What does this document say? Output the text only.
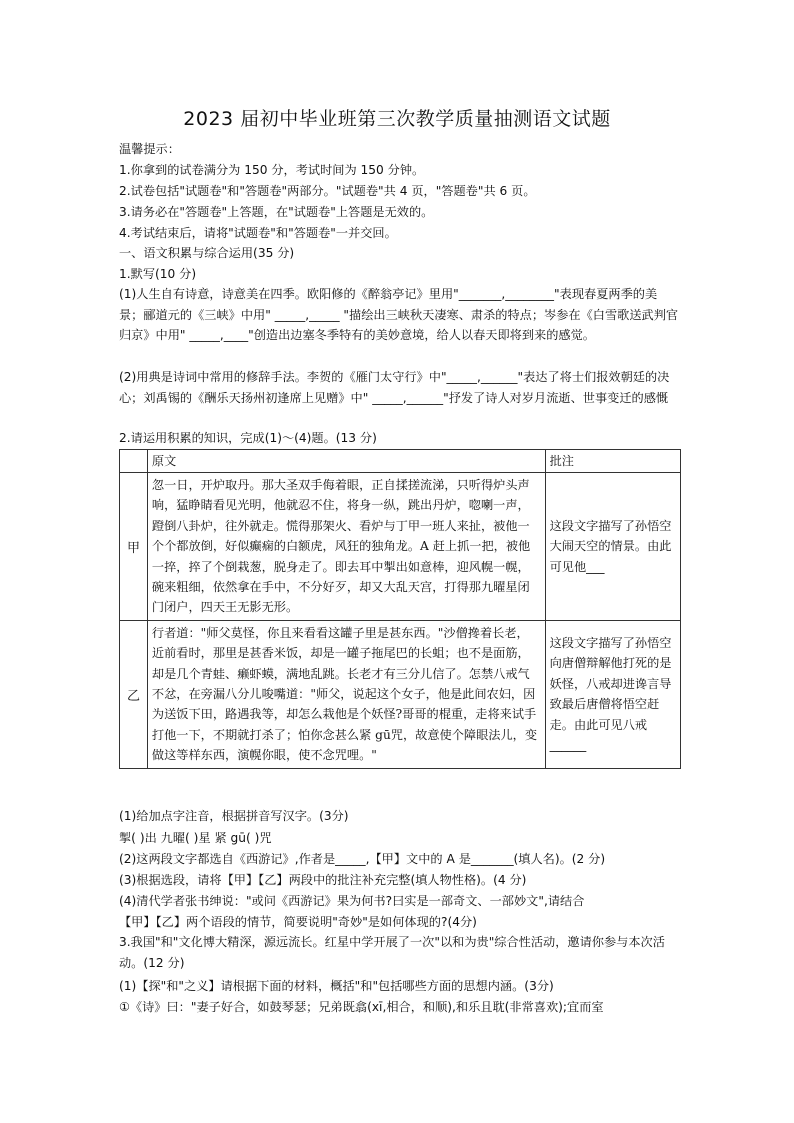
2023 届初中毕业班第三次教学质量抽测语文试题
温馨提示：
1.你拿到的试卷满分为 150 分，考试时间为 150 分钟。
2.试卷包括"试题卷"和"答题卷"两部分。"试题卷"共 4 页，"答题卷"共 6 页。
3.请务必在"答题卷"上答题，在"试题卷"上答题是无效的。
4.考试结束后，请将"试题卷"和"答题卷"一并交回。
一、语文积累与综合运用(35 分)
1.默写(10 分)
(1)人生自有诗意，诗意美在四季。欧阳修的《醉翁亭记》里用"_______,________"表现春夏两季的美景；郦道元的《三峡》中用" _____,_____ "描绘出三峡秋天凄寒、肃杀的特点；岑参在《白雪歌送武判官归京》中用" _____,____"创造出边塞冬季特有的美妙意境，给人以春天即将到来的感觉。
(2)用典是诗词中常用的修辞手法。李贺的《雁门太守行》中"_____,______"表达了将士们报效朝廷的决心；刘禹锡的《酬乐天扬州初逢席上见赠》中" _____,______"抒发了诗人对岁月流逝、世事变迁的感慨
2.请运用积累的知识，完成(1)～(4)题。(13 分)
	原文	批注
甲	忽一日，开炉取丹。那大圣双手侮着眼，正自揉搓流涕，只听得炉头声响，猛睁睛看见光明，他就忍不住，将身一纵，跳出丹炉，唿喇一声，蹬倒八卦炉，往外就走。慌得那架火、看炉与丁甲一班人来扯，被他一个个都放倒，好似癫痫的白额虎，风狂的独角龙。A 赶上抓一把，被他一捽，捽了个倒栽葱，脱身走了。即去耳中掣出如意棒，迎风幌一幌，碗来粗细，依然拿在手中，不分好歹，却又大乱天宫，打得那九曜星闭门闭户，四天王无影无形。	这段文字描写了孙悟空大闹天空的情景。由此可见他___
乙	行者道："师父莫怪，你且来看看这罐子里是甚东西。"沙僧搀着长老，近前看时，那里是甚香米饭，却是一罐子拖尾巴的长蛆；也不是面筋，却是几个青蛙、癞虾蟆，满地乱跳。长老才有三分儿信了。怎禁八戒气不忿，在旁漏八分儿唆嘴道："师父，说起这个女子，他是此间农妇，因为送饭下田，路遇我等，却怎么栽他是个妖怪?哥哥的棍重，走将来试手打他一下，不期就打杀了；怕你念甚么紧 gū咒，故意使个障眼法儿，变做这等样东西，演幌你眼，使不念咒哩。"	这段文字描写了孙悟空向唐僧辩解他打死的是妖怪，八戒却进谗言导致最后唐僧将悟空赶走。由此可见八戒______
(1)给加点字注音，根据拼音写汉字。(3分)
掣( )出 九曜( )星 紧 gū( )咒
(2)这两段文字都选自《西游记》,作者是_____,【甲】文中的 A 是_______(填人名)。(2 分)
(3)根据选段，请将【甲】【乙】两段中的批注补充完整(填人物性格)。(4 分)
(4)清代学者张书绅说："或问《西游记》果为何书?曰实是一部奇文、一部妙文",请结合
【甲】【乙】两个语段的情节，简要说明"奇妙"是如何体现的?(4分)
3.我国"和"文化博大精深，源远流长。红星中学开展了一次"以和为贵"综合性活动，邀请你参与本次活动。(12 分)
(1)【探"和"之义】请根据下面的材料，概括"和"包括哪些方面的思想内涵。(3分)
①《诗》曰："妻子好合，如鼓琴瑟；兄弟既翕(xī,相合，和顺),和乐且耽(非常喜欢);宜而室
